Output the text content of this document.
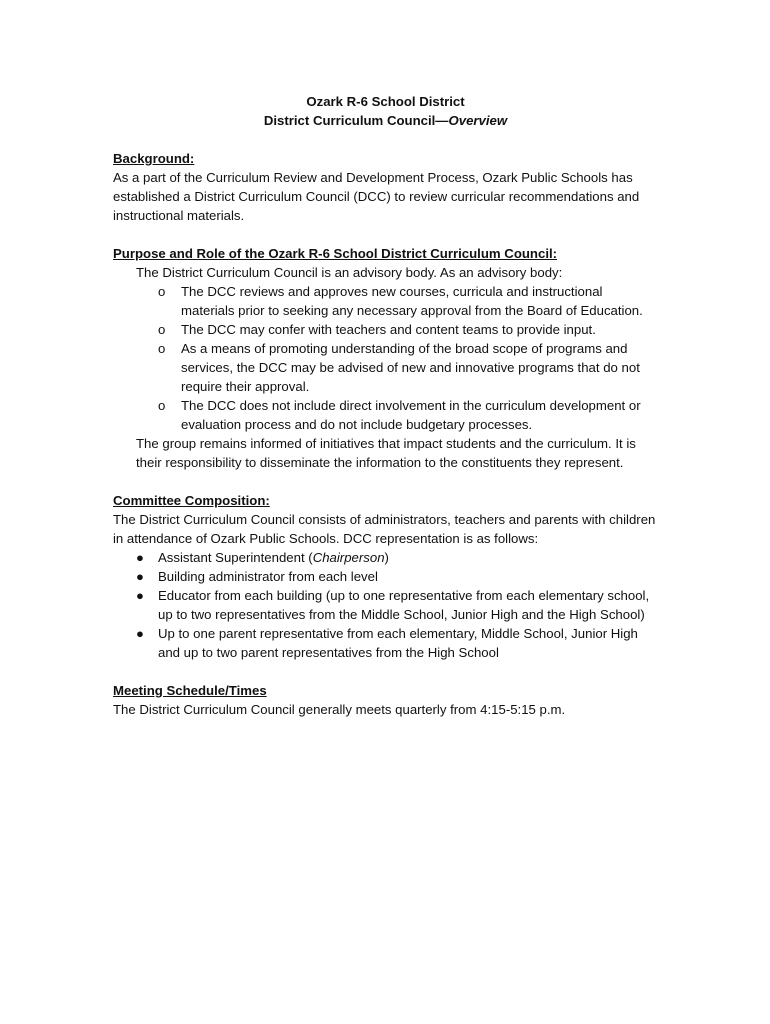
Ozark R-6 School District
District Curriculum Council—Overview

Background:

As a part of the Curriculum Review and Development Process, Ozark Public Schools has established a District Curriculum Council (DCC) to review curricular recommendations and instructional materials.

Purpose and Role of the Ozark R-6 School District Curriculum Council:

The District Curriculum Council is an advisory body. As an advisory body:

o The DCC reviews and approves new courses, curricula and instructional materials prior to seeking any necessary approval from the Board of Education.
o The DCC may confer with teachers and content teams to provide input.
o As a means of promoting understanding of the broad scope of programs and services, the DCC may be advised of new and innovative programs that do not require their approval.
o The DCC does not include direct involvement in the curriculum development or evaluation process and do not include budgetary processes.

The group remains informed of initiatives that impact students and the curriculum. It is their responsibility to disseminate the information to the constituents they represent.

Committee Composition:

The District Curriculum Council consists of administrators, teachers and parents with children in attendance of Ozark Public Schools. DCC representation is as follows:

● Assistant Superintendent (Chairperson)
● Building administrator from each level
● Educator from each building (up to one representative from each elementary school, up to two representatives from the Middle School, Junior High and the High School)
● Up to one parent representative from each elementary, Middle School, Junior High and up to two parent representatives from the High School

Meeting Schedule/Times

The District Curriculum Council generally meets quarterly from 4:15-5:15 p.m.
